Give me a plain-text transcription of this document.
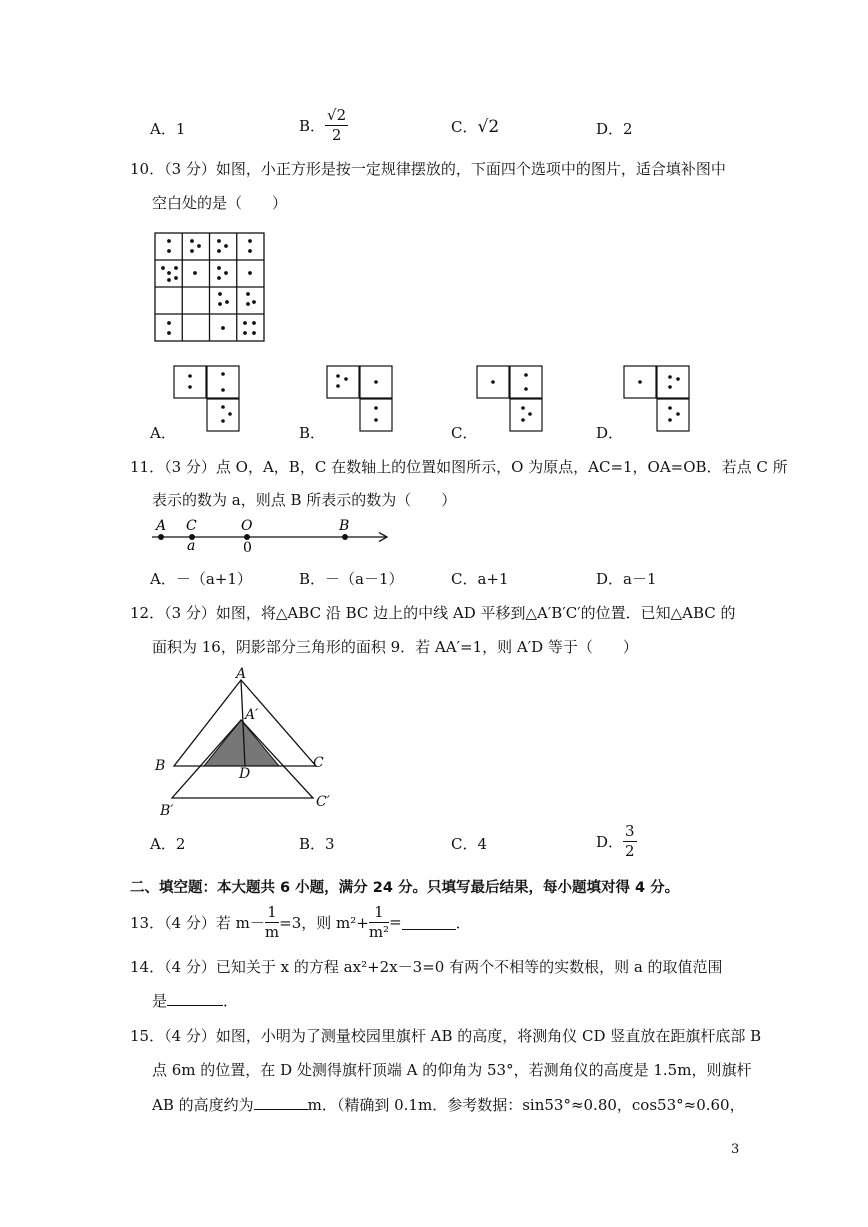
A．1	B． $\frac{√2}{2}$	C．√2	D．2
10．（3 分）如图，小正方形是按一定规律摆放的，下面四个选项中的图片，适合填补图中
空白处的是（　　）
A．	B．	C．	D．
11．（3 分）点 O，A，B，C 在数轴上的位置如图所示，O 为原点，AC=1，OA=OB．若点 C 所
表示的数为 a，则点 B 所表示的数为（　　）
A C	O	B
a	0
A．－（a+1）	B．－（a－1）	C．a+1	D．a－1
12．（3 分）如图，将△ABC 沿 BC 边上的中线 AD 平移到△A′B′C′的位置．已知△ABC 的
面积为 16，阴影部分三角形的面积 9．若 AA′=1，则 A′D 等于（　　）
A
A′
B	C
D
B′
C′
A．2	B．3	C．4	D． $\frac{3}{2}$
二、填空题：本大题共 6 小题，满分 24 分。只填写最后结果，每小题填对得 4 分。
13．（4 分）若 $m- \frac{1}{m} =3$，则 $m^2+ \frac{1}{\text{m²}}$ =	．
14．（4 分）已知关于 x 的方程 ax²+2x－3=0 有两个不相等的实数根，则 a 的取值范围
是	．
15．（4 分）如图，小明为了测量校园里旗杆 AB 的高度，将测角仪 CD 竖直放在距旗杆底部 B
点 6m 的位置，在 D 处测得旗杆顶端 A 的仰角为 53°，若测角仪的高度是 1.5m，则旗杆
AB 的高度约为	m．（精确到 0.1m．参考数据：sin53°≈0.80，cos53°≈0.60，
3
